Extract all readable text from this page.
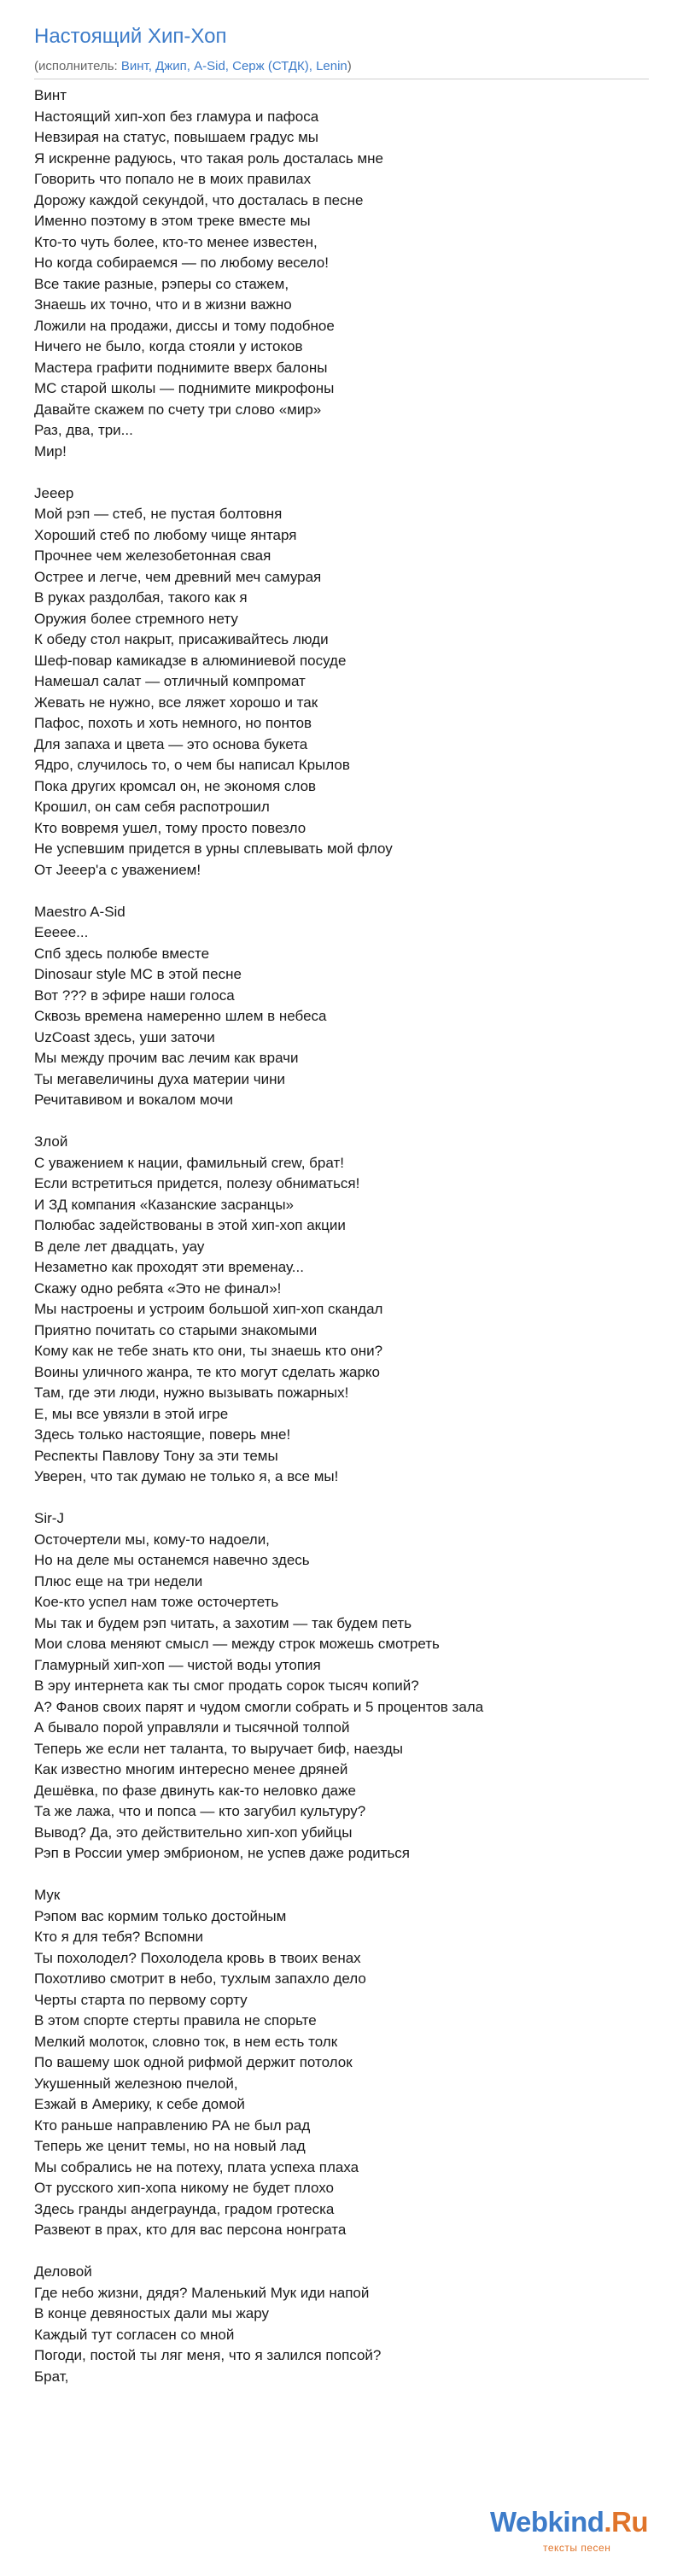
Настоящий Хип-Хоп
(исполнитель: Винт, Джип, A-Sid, Серж (СТДК), Lenin)
Винт
Настоящий хип-хоп без гламура и пафоса
Невзирая на статус, повышаем градус мы
Я искренне радуюсь, что такая роль досталась мне
Говорить что попало не в моих правилах
Дорожу каждой секундой, что досталась в песне
Именно поэтому в этом треке вместе мы
Кто-то чуть более, кто-то менее известен,
Но когда собираемся — по любому весело!
Все такие разные, рэперы со стажем,
Знаешь их точно, что и в жизни важно
Ложили на продажи, диссы и тому подобное
Ничего не было, когда стояли у истоков
Мастера графити поднимите вверх балоны
МС старой школы — поднимите микрофоны
Давайте скажем по счету три слово «мир»
Раз, два, три...
Мир!
Jeeep
Мой рэп — стеб, не пустая болтовня
Хороший стеб по любому чище янтаря
Прочнее чем железобетонная свая
Острее и легче, чем древний меч самурая
В руках раздолбая, такого как я
Оружия более стремного нету
К обеду стол накрыт, присаживайтесь люди
Шеф-повар камикадзе в алюминиевой посуде
Намешал салат — отличный компромат
Жевать не нужно, все ляжет хорошо и так
Пафос, похоть и хоть немного, но понтов
Для запаха и цвета — это основа букета
Ядро, случилось то, о чем бы написал Крылов
Пока других кромсал он, не экономя слов
Крошил, он сам себя распотрошил
Кто вовремя ушел, тому просто повезло
Не успевшим придется в урны сплевывать мой флоу
От Jeeep'а с уважением!
Maestro A-Sid
Еееее...
Спб здесь полюбе вместе
Dinosaur style МС в этой песне
Вот ??? в эфире наши голоса
Сквозь времена намеренно шлем в небеса
UzCoast здесь, уши заточи
Мы между прочим вас лечим как врачи
Ты мегавеличины духа материи чини
Речитавивом и вокалом мочи
Злой
С уважением к нации, фамильный crew, брат!
Если встретиться придется, полезу обниматься!
И ЗД компания «Казанские засранцы»
Полюбас задействованы в этой хип-хоп акции
В деле лет двадцать, уау
Незаметно как проходят эти временау...
Скажу одно ребята «Это не финал»!
Мы настроены и устроим большой хип-хоп скандал
Приятно почитать со старыми знакомыми
Кому как не тебе знать кто они, ты знаешь кто они?
Воины уличного жанра, те кто могут сделать жарко
Там, где эти люди, нужно вызывать пожарных!
Е, мы все увязли в этой игре
Здесь только настоящие, поверь мне!
Респекты Павлову Тону за эти темы
Уверен, что так думаю не только я, а все мы!
Sir-J
Осточертели мы, кому-то надоели,
Но на деле мы останемся навечно здесь
Плюс еще на три недели
Кое-кто успел нам тоже осточертеть
Мы так и будем рэп читать, а захотим — так будем петь
Мои слова меняют смысл — между строк можешь смотреть
Гламурный хип-хоп — чистой воды утопия
В эру интернета как ты смог продать сорок тысяч копий?
А? Фанов своих парят и чудом смогли собрать и 5 процентов зала
А бывало порой управляли и тысячной толпой
Теперь же если нет таланта, то выручает биф, наезды
Как известно многим интересно менее дряней
Дешёвка, по фазе двинуть как-то неловко даже
Та же лажа, что и попса — кто загубил культуру?
Вывод? Да, это действительно хип-хоп убийцы
Рэп в России умер эмбрионом, не успев даже родиться
Мук
Рэпом вас кормим только достойным
Кто я для тебя? Вспомни
Ты похолодел? Похолодела кровь в твоих венах
Похотливо смотрит в небо, тухлым запахло дело
Черты старта по первому сорту
В этом спорте стерты правила не спорьте
Мелкий молоток, словно ток, в нем есть толк
По вашему шок одной рифмой держит потолок
Укушенный железною пчелой,
Езжай в Америку, к себе домой
Кто раньше направлению РА не был рад
Теперь же ценит темы, но на новый лад
Мы собрались не на потеху, плата успеха плаха
От русского хип-хопа никому не будет плохо
Здесь гранды андеграунда, градом гротеска
Развеют в прах, кто для вас персона нонграта
Деловой
Где небо жизни, дядя? Маленький Мук иди напой
В конце девяностых дали мы жару
Каждый тут согласен со мной
Погоди, постой ты ляг меня, что я залился попсой?
Брат,
Webkind.Ru
тексты песен
